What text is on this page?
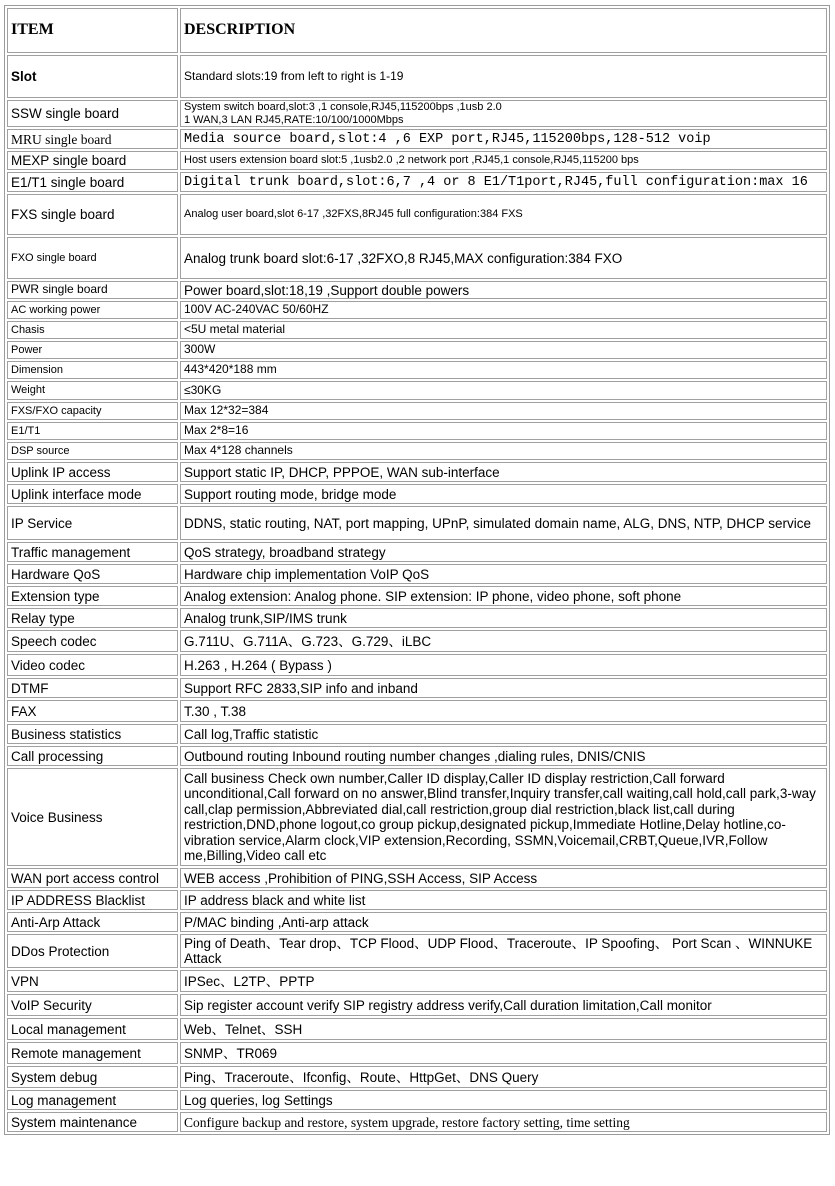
ITEM	DESCRIPTION
Slot	Standard slots:19 from left to right is 1-19
SSW single board	System switch board,slot:3 ,1 console,RJ45,115200bps ,1usb 2.0
1 WAN,3 LAN RJ45,RATE:10/100/1000Mbps
MRU single board	Media source board,slot:4 ,6 EXP port,RJ45,115200bps,128-512 voip
MEXP single board	Host users extension board slot:5 ,1usb2.0 ,2 network port ,RJ45,1 console,RJ45,115200 bps
E1/T1 single board	Digital trunk board,slot:6,7 ,4 or 8 E1/T1port,RJ45,full configuration:max 16
FXS single board	Analog user board,slot 6-17 ,32FXS,8RJ45 full configuration:384 FXS
FXO single board	Analog trunk board slot:6-17 ,32FXO,8 RJ45,MAX configuration:384 FXO
PWR single board	Power board,slot:18,19 ,Support double powers
AC working power	100V AC-240VAC 50/60HZ
Chasis	<5U metal material
Power	300W
Dimension	443*420*188 mm
Weight	≤30KG
FXS/FXO capacity	Max 12*32=384
E1/T1	Max 2*8=16
DSP source	Max 4*128 channels
Uplink IP access	Support static IP, DHCP, PPPOE, WAN sub-interface
Uplink interface mode	Support routing mode, bridge mode
IP Service	DDNS, static routing, NAT, port mapping, UPnP, simulated domain name, ALG, DNS, NTP, DHCP service
Traffic management	QoS strategy, broadband strategy
Hardware QoS	Hardware chip implementation VoIP QoS
Extension type	Analog extension: Analog phone. SIP extension: IP phone, video phone, soft phone
Relay type	Analog trunk,SIP/IMS trunk
Speech codec	G.711U、G.711A、G.723、G.729、iLBC
Video codec	H.263 , H.264 ( Bypass )
DTMF	Support RFC 2833,SIP info and inband
FAX	T.30 , T.38
Business statistics	Call log,Traffic statistic
Call processing	Outbound routing Inbound routing number changes ,dialing rules, DNIS/CNIS
Voice Business	Call business Check own number,Caller ID display,Caller ID display restriction,Call forward unconditional,Call forward on no answer,Blind transfer,Inquiry transfer,call waiting,call hold,call park,3-way call,clap permission,Abbreviated dial,call restriction,group dial restriction,black list,call during restriction,DND,phone logout,co group pickup,designated pickup,Immediate Hotline,Delay hotline,co-vibration service,Alarm clock,VIP extension,Recording, SSMN,Voicemail,CRBT,Queue,IVR,Follow me,Billing,Video call etc
WAN port access control	WEB access ,Prohibition of PING,SSH Access, SIP Access
IP ADDRESS Blacklist	IP address black and white list
Anti-Arp Attack	P/MAC binding ,Anti-arp attack
DDos Protection	Ping of Death、Tear drop、TCP Flood、UDP Flood、Traceroute、IP Spoofing、 Port Scan 、WINNUKE Attack
VPN	IPSec、L2TP、PPTP
VoIP Security	Sip register account verify SIP registry address verify,Call duration limitation,Call monitor
Local management	Web、Telnet、SSH
Remote management	SNMP、TR069
System debug	Ping、Traceroute、Ifconfig、Route、HttpGet、DNS Query
Log management	Log queries, log Settings
System maintenance	Configure backup and restore, system upgrade, restore factory setting, time setting
